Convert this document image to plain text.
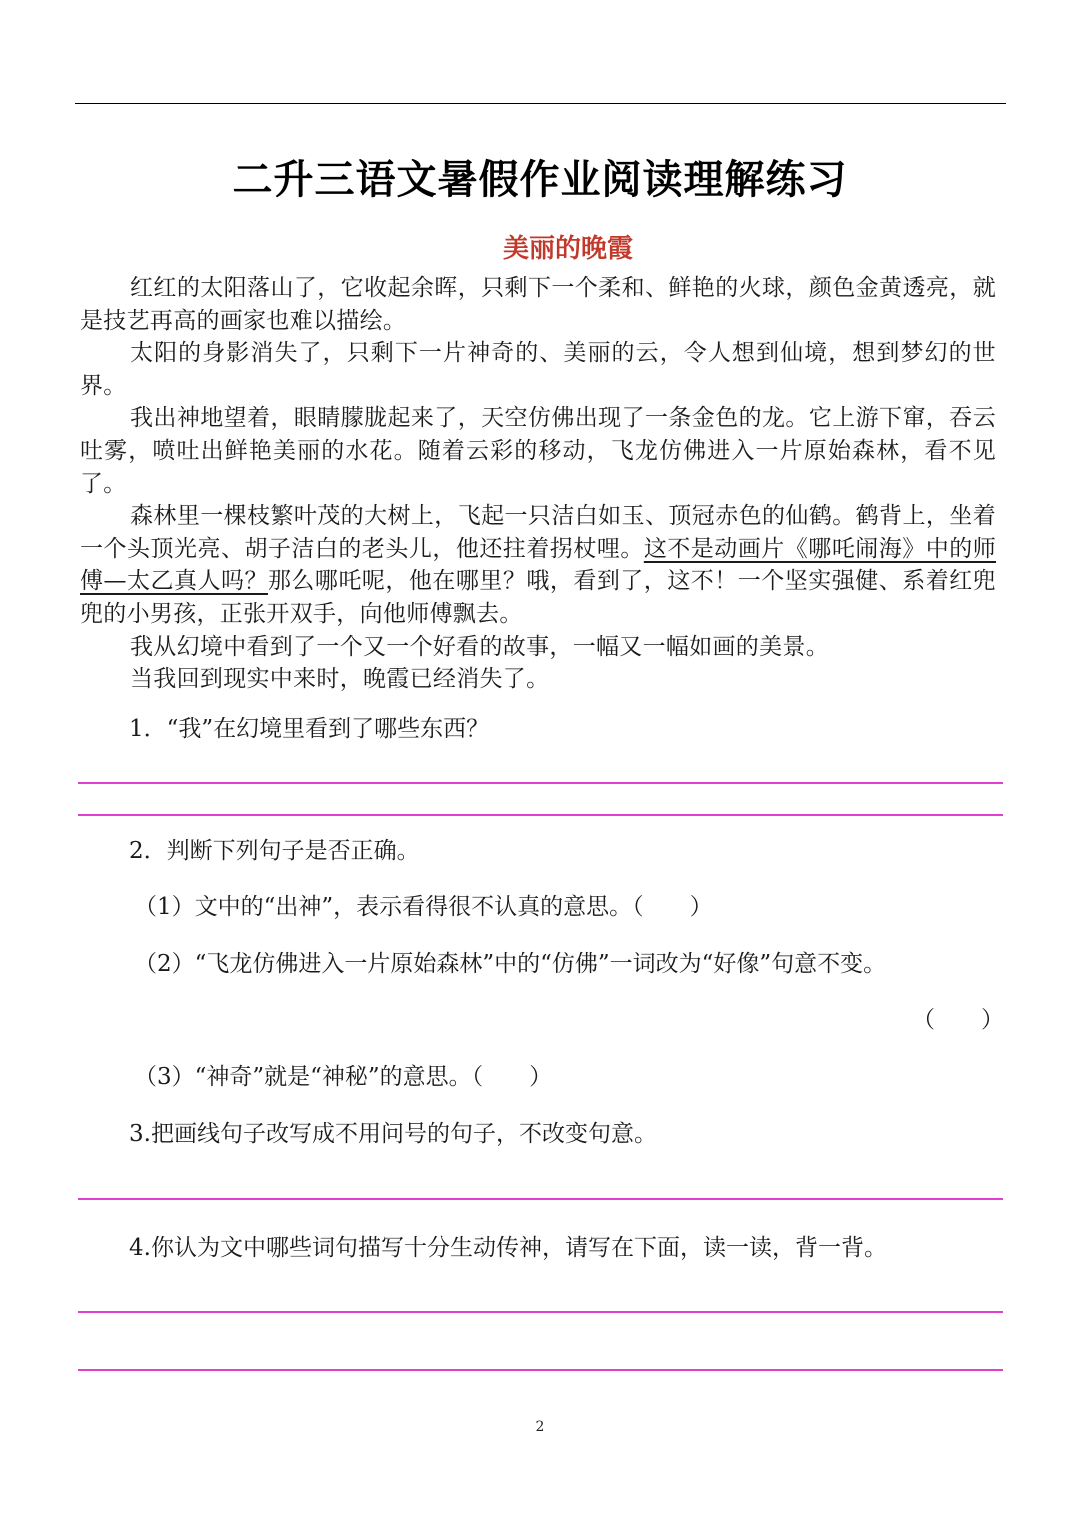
二升三语文暑假作业阅读理解练习
美丽的晚霞

红红的太阳落山了，它收起余晖，只剩下一个柔和、鲜艳的火球，颜色金黄透亮，就是技艺再高的画家也难以描绘。

太阳的身影消失了，只剩下一片神奇的、美丽的云，令人想到仙境，想到梦幻的世界。

我出神地望着，眼睛朦胧起来了，天空仿佛出现了一条金色的龙。它上游下窜，吞云吐雾，喷吐出鲜艳美丽的水花。随着云彩的移动，飞龙仿佛进入一片原始森林，看不见了。

森林里一棵枝繁叶茂的大树上，飞起一只洁白如玉、顶冠赤色的仙鹤。鹤背上，坐着一个头顶光亮、胡子洁白的老头儿，他还拄着拐杖哩。这不是动画片《哪吒闹海》中的师傅—太乙真人吗？那么哪吒呢，他在哪里？哦，看到了，这不！一个坚实强健、系着红兜兜的小男孩，正张开双手，向他师傅飘去。

我从幻境中看到了一个又一个好看的故事，一幅又一幅如画的美景。

当我回到现实中来时，晚霞已经消失了。

1．“我”在幻境里看到了哪些东西？
2．判断下列句子是否正确。
（1）文中的“出神”，表示看得很不认真的意思。（　　）
（2）“飞龙仿佛进入一片原始森林”中的“仿佛”一词改为“好像”句意不变。
（　　）
（3）“神奇”就是“神秘”的意思。（　　）
3.把画线句子改写成不用问号的句子，不改变句意。
4.你认为文中哪些词句描写十分生动传神，请写在下面，读一读，背一背。
2
